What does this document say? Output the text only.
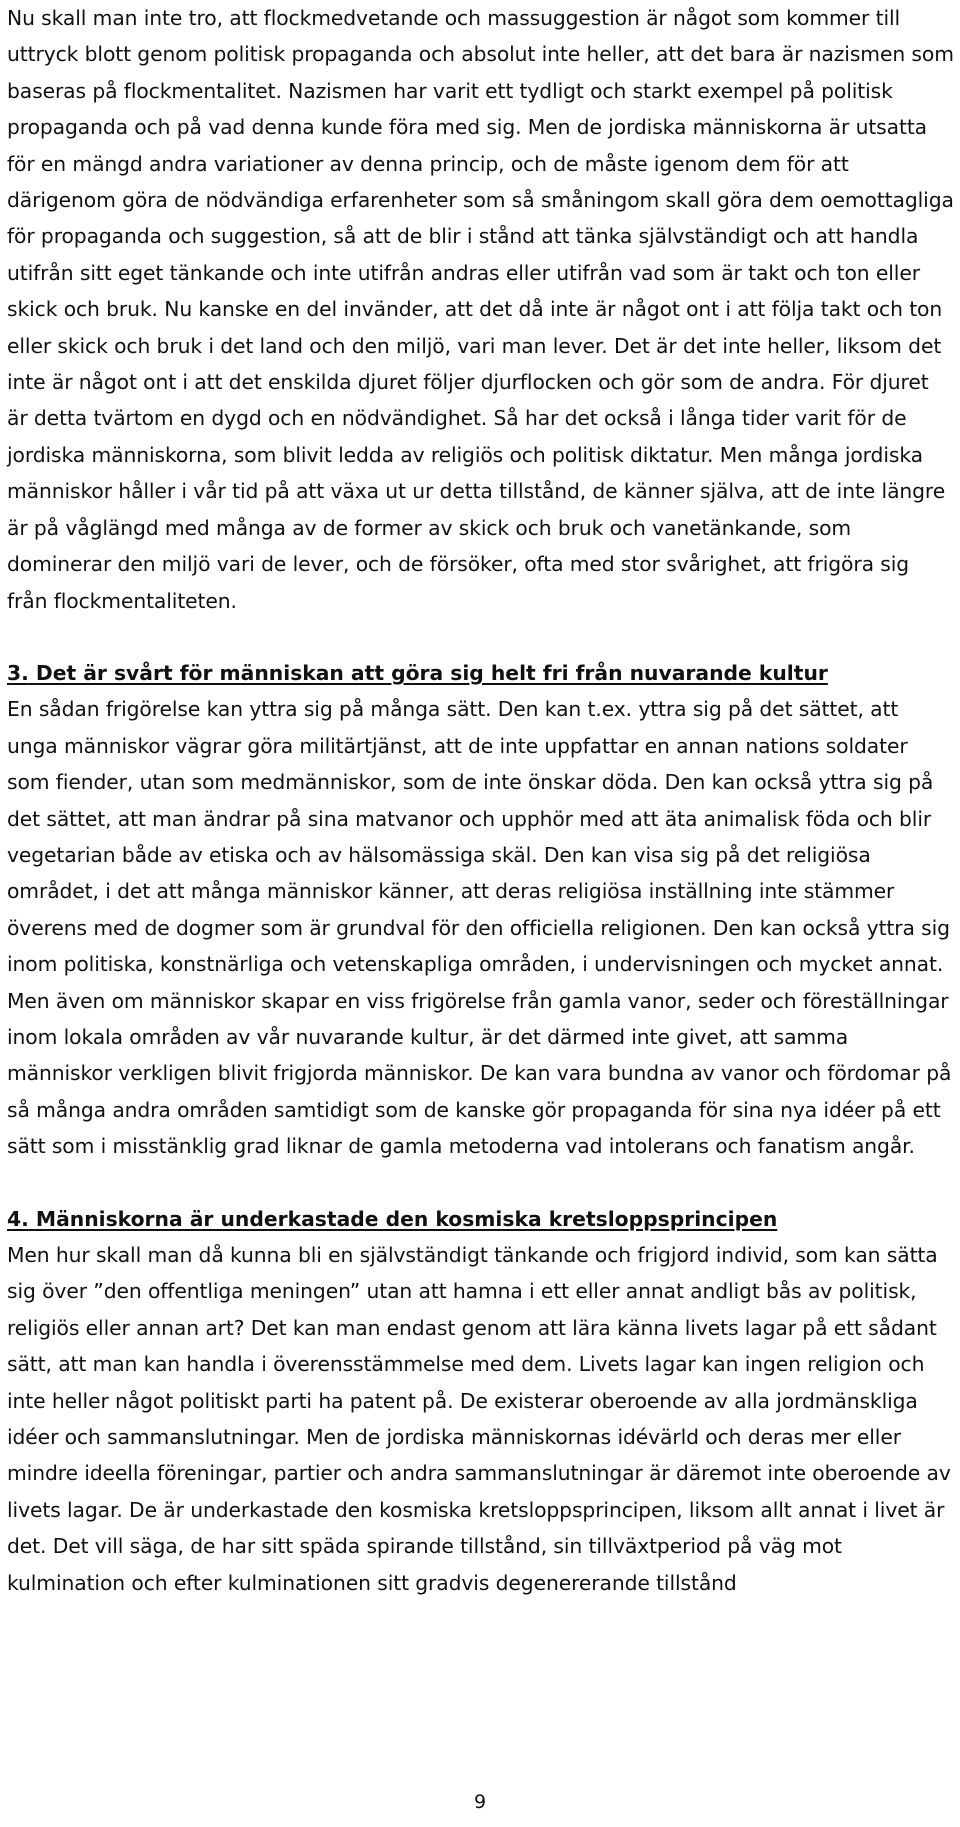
Nu skall man inte tro, att flockmedvetande och massuggestion är något som kommer till uttryck blott genom politisk propaganda och absolut inte heller, att det bara är nazismen som baseras på flockmentalitet. Nazismen har varit ett tydligt och starkt exempel på politisk propaganda och på vad denna kunde föra med sig. Men de jordiska människorna är utsatta för en mängd andra variationer av denna princip, och de måste igenom dem för att därigenom göra de nödvändiga erfarenheter som så småningom skall göra dem oemottagliga för propaganda och suggestion, så att de blir i stånd att tänka självständigt och att handla utifrån sitt eget tänkande och inte utifrån andras eller utifrån vad som är takt och ton eller skick och bruk. Nu kanske en del invänder, att det då inte är något ont i att följa takt och ton eller skick och bruk i det land och den miljö, vari man lever. Det är det inte heller, liksom det inte är något ont i att det enskilda djuret följer djurflocken och gör som de andra. För djuret är detta tvärtom en dygd och en nödvändighet. Så har det också i långa tider varit för de jordiska människorna, som blivit ledda av religiös och politisk diktatur. Men många jordiska människor håller i vår tid på att växa ut ur detta tillstånd, de känner själva, att de inte längre är på våglängd med många av de former av skick och bruk och vanetänkande, som dominerar den miljö vari de lever, och de försöker, ofta med stor svårighet, att frigöra sig från flockmentaliteten.

3. Det är svårt för människan att göra sig helt fri från nuvarande kultur

En sådan frigörelse kan yttra sig på många sätt. Den kan t.ex. yttra sig på det sättet, att unga människor vägrar göra militärtjänst, att de inte uppfattar en annan nations soldater som fiender, utan som medmänniskor, som de inte önskar döda. Den kan också yttra sig på det sättet, att man ändrar på sina matvanor och upphör med att äta animalisk föda och blir vegetarian både av etiska och av hälsomässiga skäl. Den kan visa sig på det religiösa området, i det att många människor känner, att deras religiösa inställning inte stämmer överens med de dogmer som är grundval för den officiella religionen. Den kan också yttra sig inom politiska, konstnärliga och vetenskapliga områden, i undervisningen och mycket annat. Men även om människor skapar en viss frigörelse från gamla vanor, seder och föreställningar inom lokala områden av vår nuvarande kultur, är det därmed inte givet, att samma människor verkligen blivit frigjorda människor. De kan vara bundna av vanor och fördomar på så många andra områden samtidigt som de kanske gör propaganda för sina nya idéer på ett sätt som i misstänklig grad liknar de gamla metoderna vad intolerans och fanatism angår.

4. Människorna är underkastade den kosmiska kretsloppsprincipen

Men hur skall man då kunna bli en självständigt tänkande och frigjord individ, som kan sätta sig över ”den offentliga meningen” utan att hamna i ett eller annat andligt bås av politisk, religiös eller annan art? Det kan man endast genom att lära känna livets lagar på ett sådant sätt, att man kan handla i överensstämmelse med dem. Livets lagar kan ingen religion och inte heller något politiskt parti ha patent på. De existerar oberoende av alla jordmänskliga idéer och sammanslutningar. Men de jordiska människornas idévärld och deras mer eller mindre ideella föreningar, partier och andra sammanslutningar är däremot inte oberoende av livets lagar. De är underkastade den kosmiska kretsloppsprincipen, liksom allt annat i livet är det. Det vill säga, de har sitt späda spirande tillstånd, sin tillväxtperiod på väg mot kulmination och efter kulminationen sitt gradvis degenererande tillstånd

9
